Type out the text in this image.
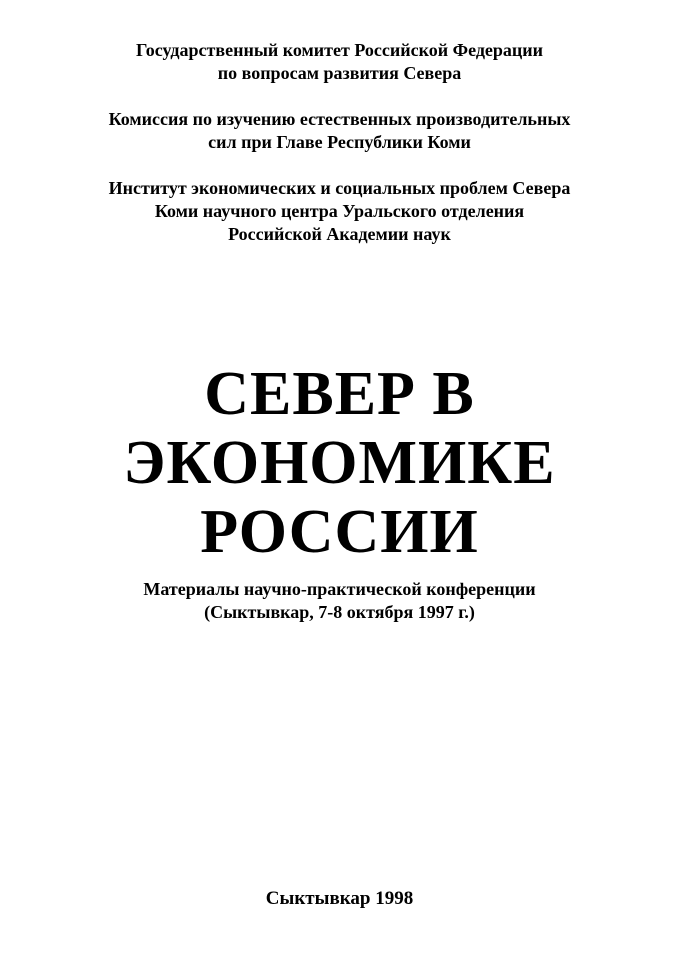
Государственный комитет Российской Федерации
по вопросам развития Севера
Комиссия по изучению естественных производительных
сил при Главе Республики Коми
Институт экономических и социальных проблем Севера
Коми научного центра Уральского отделения
Российской Академии наук
СЕВЕР В
ЭКОНОМИКЕ
РОССИИ
Материалы научно-практической конференции
(Сыктывкар, 7-8 октября 1997 г.)
Сыктывкар 1998
